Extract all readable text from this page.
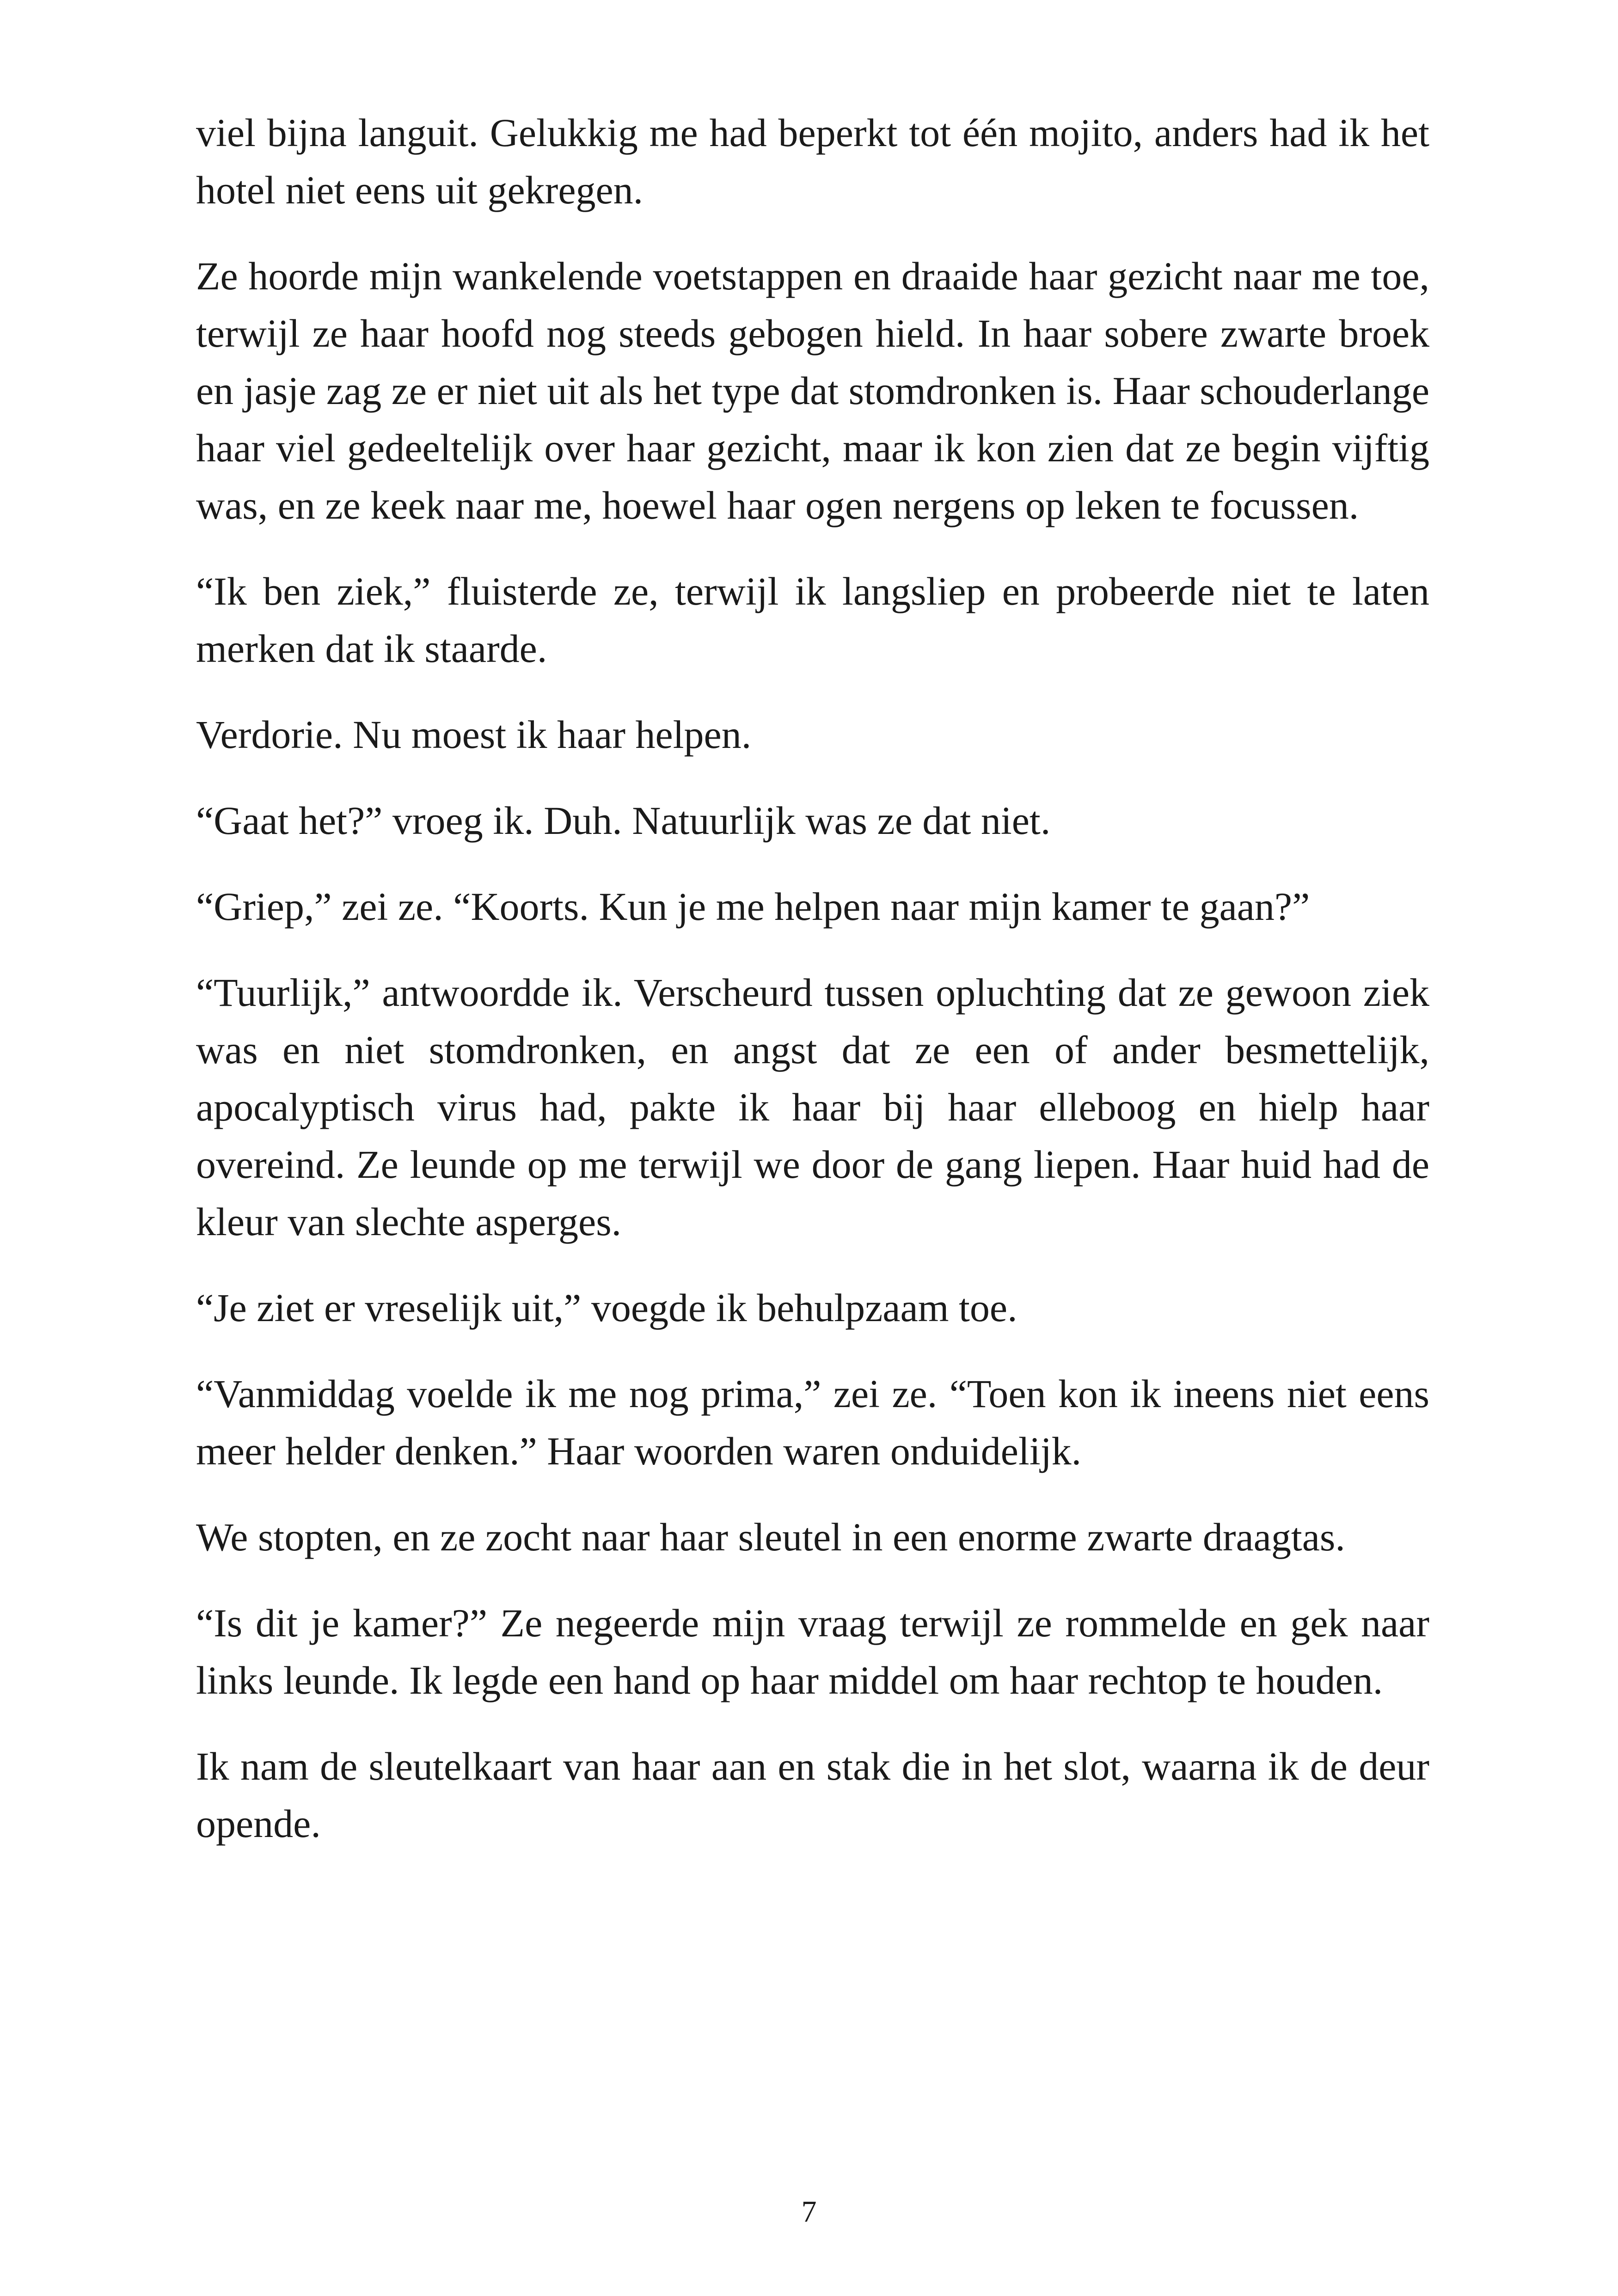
viel bijna languit. Gelukkig me had beperkt tot één mojito, anders had ik het hotel niet eens uit gekregen.

Ze hoorde mijn wankelende voetstappen en draaide haar gezicht naar me toe, terwijl ze haar hoofd nog steeds gebogen hield. In haar sobere zwarte broek en jasje zag ze er niet uit als het type dat stomdronken is. Haar schouderlange haar viel gedeeltelijk over haar gezicht, maar ik kon zien dat ze begin vijftig was, en ze keek naar me, hoewel haar ogen nergens op leken te focussen.

“Ik ben ziek,” fluisterde ze, terwijl ik langsliep en probeerde niet te laten merken dat ik staarde.

Verdorie. Nu moest ik haar helpen.

“Gaat het?” vroeg ik. Duh. Natuurlijk was ze dat niet.

“Griep,” zei ze. “Koorts. Kun je me helpen naar mijn kamer te gaan?”

“Tuurlijk,” antwoordde ik. Verscheurd tussen opluchting dat ze gewoon ziek was en niet stomdronken, en angst dat ze een of ander besmettelijk, apocalyptisch virus had, pakte ik haar bij haar elleboog en hielp haar overeind. Ze leunde op me terwijl we door de gang liepen. Haar huid had de kleur van slechte asperges.

“Je ziet er vreselijk uit,” voegde ik behulpzaam toe.

“Vanmiddag voelde ik me nog prima,” zei ze. “Toen kon ik ineens niet eens meer helder denken.” Haar woorden waren onduidelijk.

We stopten, en ze zocht naar haar sleutel in een enorme zwarte draagtas.

“Is dit je kamer?” Ze negeerde mijn vraag terwijl ze rommelde en gek naar links leunde. Ik legde een hand op haar middel om haar rechtop te houden.

Ik nam de sleutelkaart van haar aan en stak die in het slot, waarna ik de deur opende.

7
